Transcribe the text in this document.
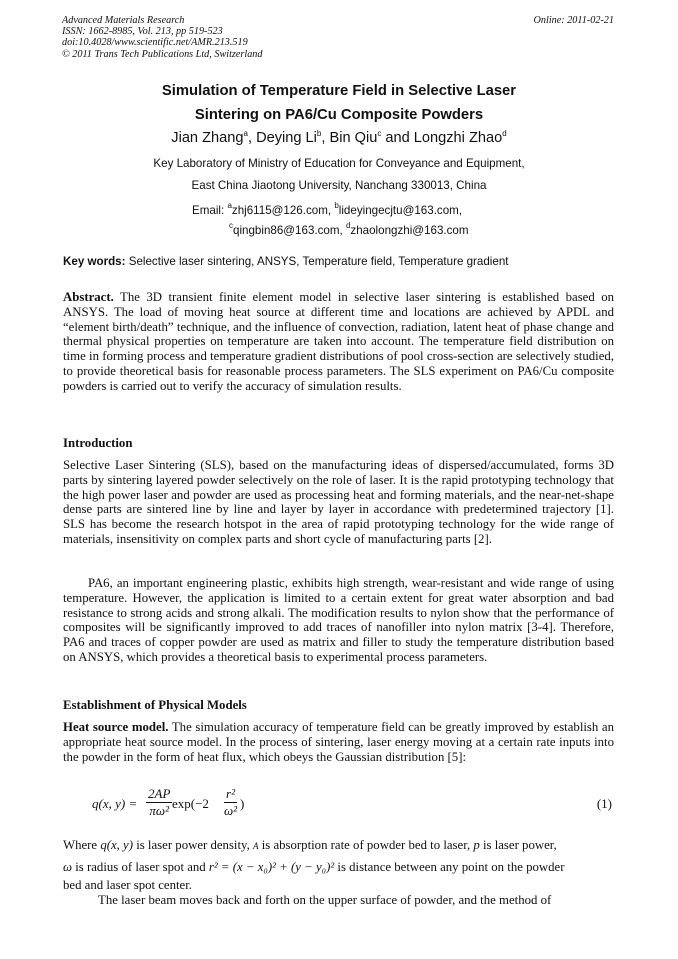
Advanced Materials Research
ISSN: 1662-8985, Vol. 213, pp 519-523
doi:10.4028/www.scientific.net/AMR.213.519
© 2011 Trans Tech Publications Ltd, Switzerland
Online: 2011-02-21
Simulation of Temperature Field in Selective Laser
Sintering on PA6/Cu Composite Powders
Jian Zhang$^a$, Deying Li$^b$, Bin Qiu$^c$ and Longzhi Zhao$^d$
Key Laboratory of Ministry of Education for Conveyance and Equipment,
East China Jiaotong University, Nanchang 330013, China
Email: $^a$zhj6115@126.com, $^b$lideyingecjtu@163.com,
$^c$qingbin86@163.com, $^d$zhaolongzhi@163.com
Key words: Selective laser sintering, ANSYS, Temperature field, Temperature gradient
Abstract. The 3D transient finite element model in selective laser sintering is established based on ANSYS. The load of moving heat source at different time and locations are achieved by APDL and “element birth/death” technique, and the influence of convection, radiation, latent heat of phase change and thermal physical properties on temperature are taken into account. The temperature field distribution on time in forming process and temperature gradient distributions of pool cross-section are selectively studied, to provide theoretical basis for reasonable process parameters. The SLS experiment on PA6/Cu composite powders is carried out to verify the accuracy of simulation results.
Introduction
Selective Laser Sintering (SLS), based on the manufacturing ideas of dispersed/accumulated, forms 3D parts by sintering layered powder selectively on the role of laser. It is the rapid prototyping technology that the high power laser and powder are used as processing heat and forming materials, and the near-net-shape dense parts are sintered line by line and layer by layer in accordance with predetermined trajectory [1]. SLS has become the research hotspot in the area of rapid prototyping technology for the wide range of materials, insensitivity on complex parts and short cycle of manufacturing parts [2].
PA6, an important engineering plastic, exhibits high strength, wear-resistant and wide range of using temperature. However, the application is limited to a certain extent for great water absorption and bad resistance to strong acids and strong alkali. The modification results to nylon show that the performance of composites will be significantly improved to add traces of nanofiller into nylon matrix [3-4]. Therefore, PA6 and traces of copper powder are used as matrix and filler to study the temperature distribution based on ANSYS, which provides a theoretical basis to experimental process parameters.
Establishment of Physical Models
Heat source model. The simulation accuracy of temperature field can be greatly improved by establish an appropriate heat source model. In the process of sintering, laser energy moving at a certain rate inputs into the powder in the form of heat flux, which obeys the Gaussian distribution [5]:
q(x, $y) = \frac{2AP}{\text{πω²}} \exp(-2 \frac{\text{r²}}{\text{ω²}}$ )	(1)
Where q(x, y) is laser power density, A is absorption rate of powder bed to laser, p is laser power,
ω is radius of laser spot and r² = (x − x₀)² + (y − y₀)² is distance between any point on the powder
bed and laser spot center.
The laser beam moves back and forth on the upper surface of powder, and the method of
